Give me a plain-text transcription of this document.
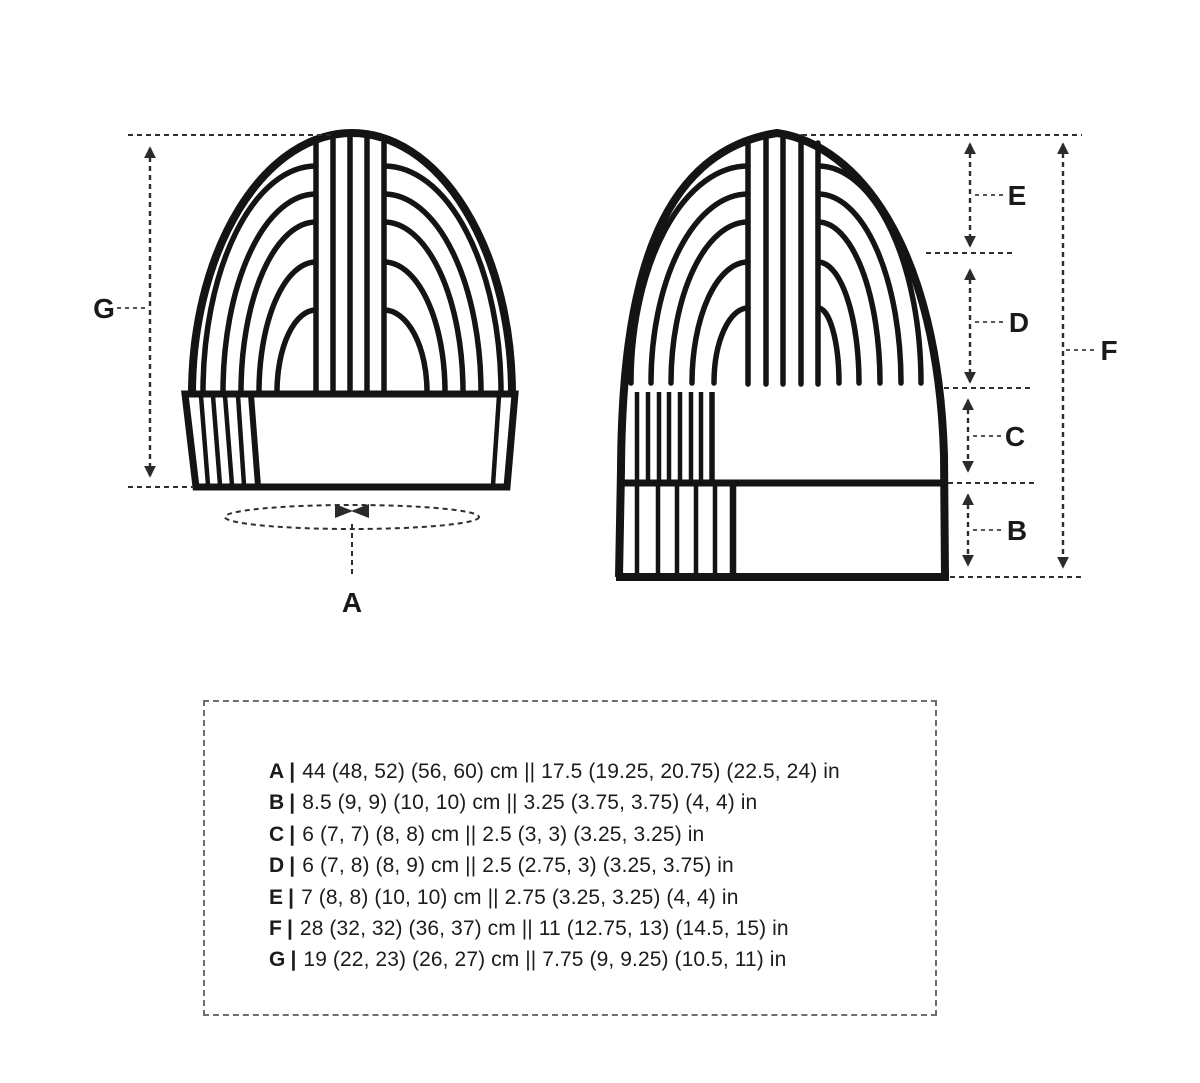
G
A
E
D
C
B
F
A | 44 (48, 52) (56, 60) cm || 17.5 (19.25, 20.75) (22.5, 24) in
B | 8.5 (9, 9) (10, 10) cm || 3.25 (3.75, 3.75) (4, 4) in
C | 6 (7, 7) (8, 8) cm || 2.5 (3, 3) (3.25, 3.25) in
D | 6 (7, 8) (8, 9) cm || 2.5 (2.75, 3) (3.25, 3.75) in
E | 7 (8, 8) (10, 10) cm || 2.75 (3.25, 3.25) (4, 4) in
F | 28 (32, 32) (36, 37) cm || 11 (12.75, 13) (14.5, 15) in
G | 19 (22, 23) (26, 27) cm || 7.75 (9, 9.25) (10.5, 11) in
